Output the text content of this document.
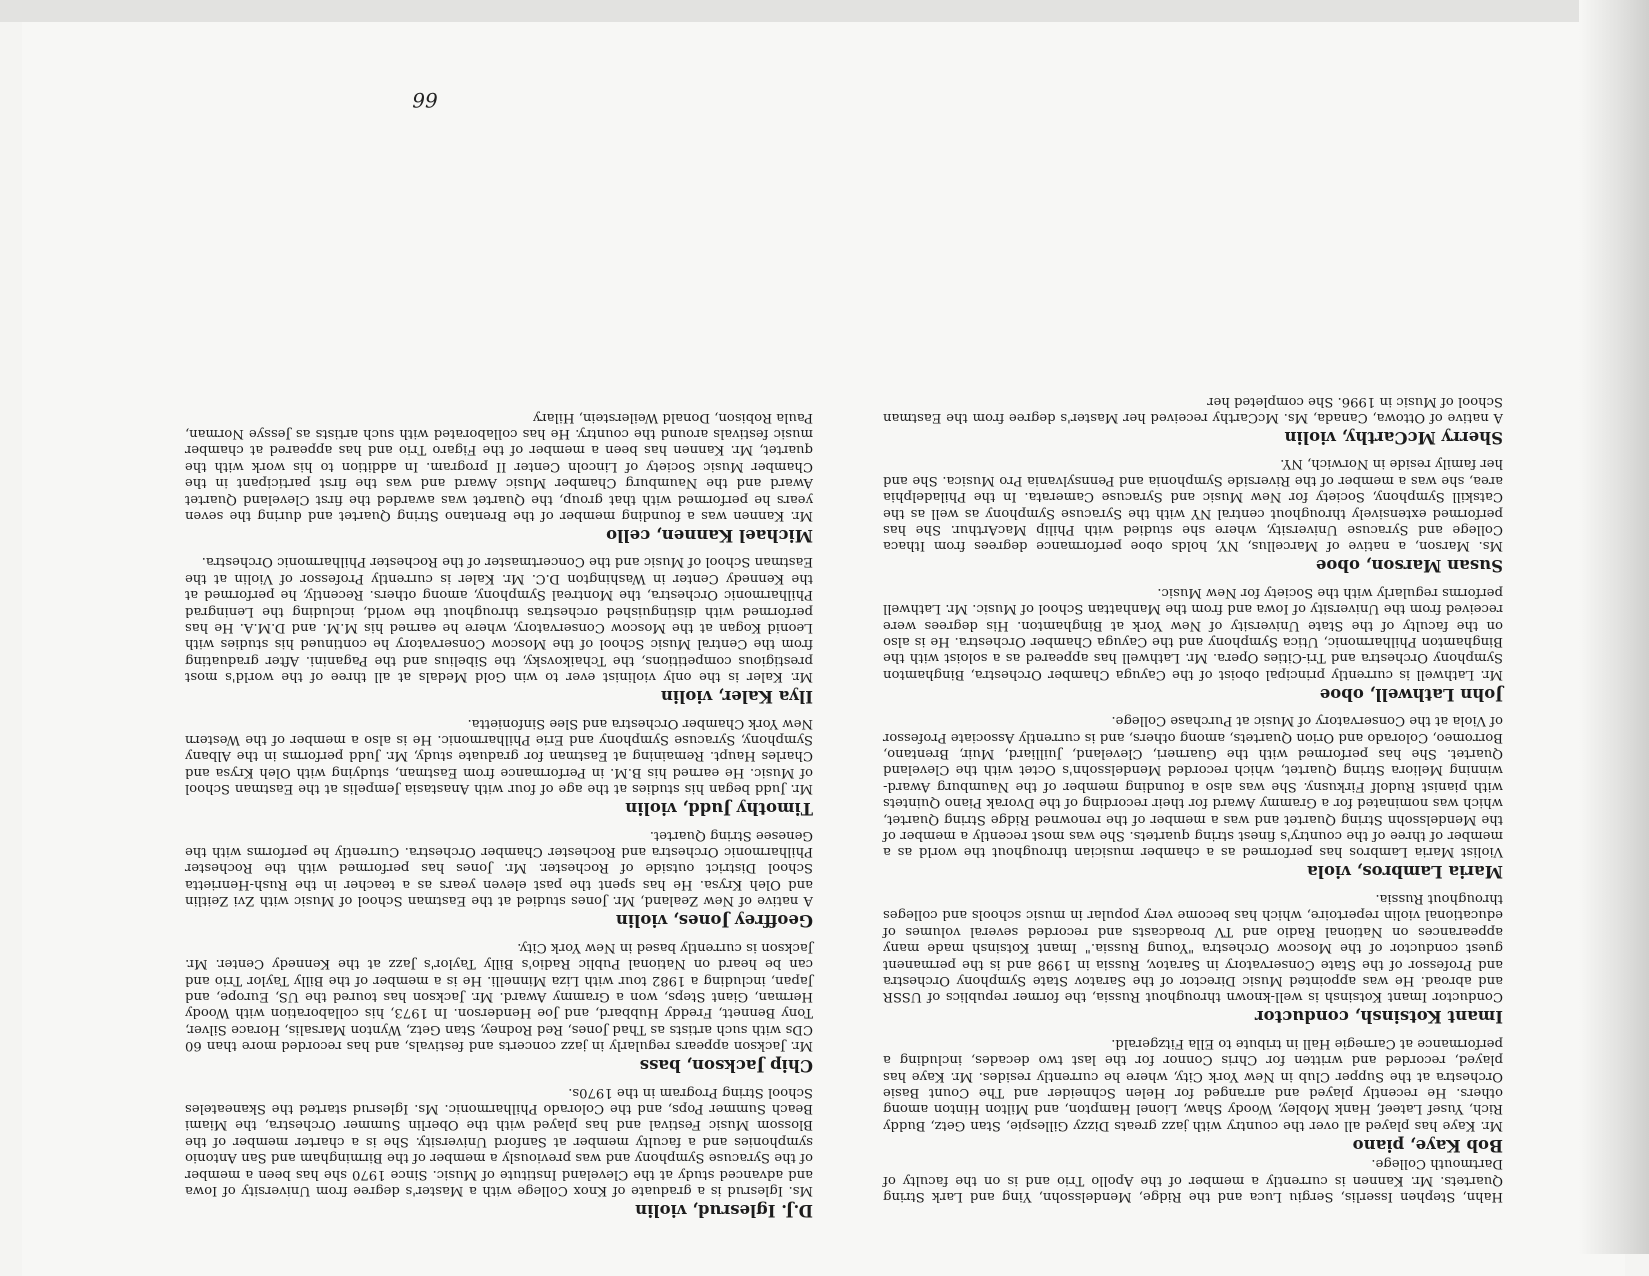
Hahn, Stephen Isserlis, Sergiu Luca and the Ridge, Mendelssohn, Ying and Lark String Quartets. Mr. Kannen is currently a member of the Apollo Trio and is on the faculty of Dartmouth College.

Bob Kaye, piano

Mr. Kaye has played all over the country with jazz greats Dizzy Gillespie, Stan Getz, Buddy Rich, Yusef Lateef, Hank Mobley, Woody Shaw, Lionel Hampton, and Milton Hinton among others. He recently played and arranged for Helen Schneider and The Count Basie Orchestra at the Supper Club in New York City, where he currently resides. Mr. Kaye has played, recorded and written for Chris Connor for the last two decades, including a performance at Carnegie Hall in tribute to Ella Fitzgerald.

Imant Kotsinsh, conductor

Conductor Imant Kotsinsh is well-known throughout Russia, the former republics of USSR and abroad. He was appointed Music Director of the Saratov State Symphony Orchestra and Professor of the State Conservatory in Saratov, Russia in 1998 and is the permanent guest conductor of the Moscow Orchestra "Young Russia." Imant Kotsinsh made many appearances on National Radio and TV broadcasts and recorded several volumes of educational violin repertoire, which has become very popular in music schools and colleges throughout Russia.

Maria Lambros, viola

Violist Maria Lambros has performed as a chamber musician throughout the world as a member of three of the country's finest string quartets. She was most recently a member of the Mendelssohn String Quartet and was a member of the renowned Ridge String Quartet, which was nominated for a Grammy Award for their recording of the Dvorak Piano Quintets with pianist Rudolf Firkusny. She was also a founding member of the Naumburg Award-winning Meliora String Quartet, which recorded Mendelssohn's Octet with the Cleveland Quartet. She has performed with the Guarneri, Cleveland, Juilliard, Muir, Brentano, Borromeo, Colorado and Orion Quartets, among others, and is currently Associate Professor of Viola at the Conservatory of Music at Purchase College.

John Lathwell, oboe

Mr. Lathwell is currently principal oboist of the Cayuga Chamber Orchestra, Binghamton Symphony Orchestra and Tri-Cities Opera. Mr. Lathwell has appeared as a soloist with the Binghamton Philharmonic, Utica Symphony and the Cayuga Chamber Orchestra. He is also on the faculty of the State University of New York at Binghamton. His degrees were received from the University of Iowa and from the Manhattan School of Music. Mr. Lathwell performs regularly with the Society for New Music.

Susan Marson, oboe

Ms. Marson, a native of Marcellus, NY, holds oboe performance degrees from Ithaca College and Syracuse University, where she studied with Philip MacArthur. She has performed extensively throughout central NY with the Syracuse Symphony as well as the Catskill Symphony, Society for New Music and Syracuse Camerata. In the Philadelphia area, she was a member of the Riverside Symphonia and Pennsylvania Pro Musica. She and her family reside in Norwich, NY.

Sherry McCarthy, violin

A native of Ottowa, Canada, Ms. McCarthy received her Master's degree from the Eastman School of Music in 1996. She completed her

D.J. Iglesrud, violin

Ms. Iglesrud is a graduate of Knox College with a Master's degree from University of Iowa and advanced study at the Cleveland Institute of Music. Since 1970 she has been a member of the Syracuse Symphony and was previously a member of the Birmingham and San Antonio symphonies and a faculty member at Sanford University. She is a charter member of the Blossom Music Festival and has played with the Oberlin Summer Orchestra, the Miami Beach Summer Pops, and the Colorado Philharmonic. Ms. Iglesrud started the Skaneateles School String Program in the 1970s.

Chip Jackson, bass

Mr. Jackson appears regularly in jazz concerts and festivals, and has recorded more than 60 CDs with such artists as Thad Jones, Red Rodney, Stan Getz, Wynton Marsalis, Horace Silver, Tony Bennett, Freddy Hubbard, and Joe Henderson. In 1973, his collaboration with Woody Herman, Giant Steps, won a Grammy Award. Mr. Jackson has toured the US, Europe, and Japan, including a 1982 tour with Liza Minnelli. He is a member of the Billy Taylor Trio and can be heard on National Public Radio's Billy Taylor's Jazz at the Kennedy Center. Mr. Jackson is currently based in New York City.

Geoffrey Jones, violin

A native of New Zealand, Mr. Jones studied at the Eastman School of Music with Zvi Zeitlin and Oleh Krysa. He has spent the past eleven years as a teacher in the Rush-Henrietta School District outside of Rochester. Mr. Jones has performed with the Rochester Philharmonic Orchestra and Rochester Chamber Orchestra. Currently he performs with the Genesee String Quartet.

Timothy Judd, violin

Mr. Judd began his studies at the age of four with Anastasia Jempelis at the Eastman School of Music. He earned his B.M. in Performance from Eastman, studying with Oleh Krysa and Charles Haupt. Remaining at Eastman for graduate study, Mr. Judd performs in the Albany Symphony, Syracuse Symphony and Erie Philharmonic. He is also a member of the Western New York Chamber Orchestra and Slee Sinfonietta.

Ilya Kaler, violin

Mr. Kaler is the only violinist ever to win Gold Medals at all three of the world's most prestigious competitions, the Tchaikovsky, the Sibelius and the Paganini. After graduating from the Central Music School of the Moscow Conservatory he continued his studies with Leonid Kogan at the Moscow Conservatory, where he earned his M.M. and D.M.A. He has performed with distinguished orchestras throughout the world, including the Leningrad Philharmonic Orchestra, the Montreal Symphony, among others. Recently, he performed at the Kennedy Center in Washington D.C. Mr. Kaler is currently Professor of Violin at the Eastman School of Music and the Concertmaster of the Rochester Philharmonic Orchestra.

Michael Kannen, cello

Mr. Kannen was a founding member of the Brentano String Quartet and during the seven years he performed with that group, the Quartet was awarded the first Cleveland Quartet Award and the Naumburg Chamber Music Award and was the first participant in the Chamber Music Society of Lincoln Center II program. In addition to his work with the quartet, Mr. Kannen has been a member of the Figaro Trio and has appeared at chamber music festivals around the country. He has collaborated with such artists as Jessye Norman, Paula Robison, Donald Weilerstein, Hilary

66
